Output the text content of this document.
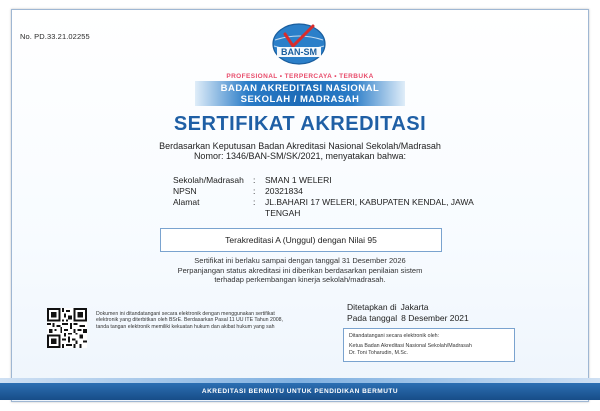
No. PD.33.21.02255
BAN-SM
PROFESIONAL • TERPERCAYA • TERBUKA
BADAN AKREDITASI NASIONAL
SEKOLAH / MADRASAH
SERTIFIKAT AKREDITASI
Berdasarkan Keputusan Badan Akreditasi Nasional Sekolah/Madrasah
Nomor: 1346/BAN-SM/SK/2021, menyatakan bahwa:
Sekolah/Madrasah	:	SMAN 1 WELERI
NPSN	:	20321834
Alamat	:	JL.BAHARI 17 WELERI, KABUPATEN KENDAL, JAWA TENGAH
Terakreditasi A (Unggul) dengan Nilai 95
Sertifikat ini berlaku sampai dengan tanggal 31 Desember 2026
Perpanjangan status akreditasi ini diberikan berdasarkan penilaian sistem
terhadap perkembangan kinerja sekolah/madrasah.
Dokumen ini ditandatangani secara elektronik dengan menggunakan sertifikat elektronik yang diterbitkan oleh BSrE. Berdasarkan Pasal 11 UU ITE Tahun 2008, tanda tangan elektronik memiliki kekuatan hukum dan akibat hukum yang sah
Ditetapkan di Jakarta
Pada tanggal 8 Desember 2021
Ditandatangani secara elektronik oleh:
Ketua Badan Akreditasi Nasional Sekolah/Madrasah
Dr. Toni Toharudin, M.Sc.
AKREDITASI BERMUTU UNTUK PENDIDIKAN BERMUTU
